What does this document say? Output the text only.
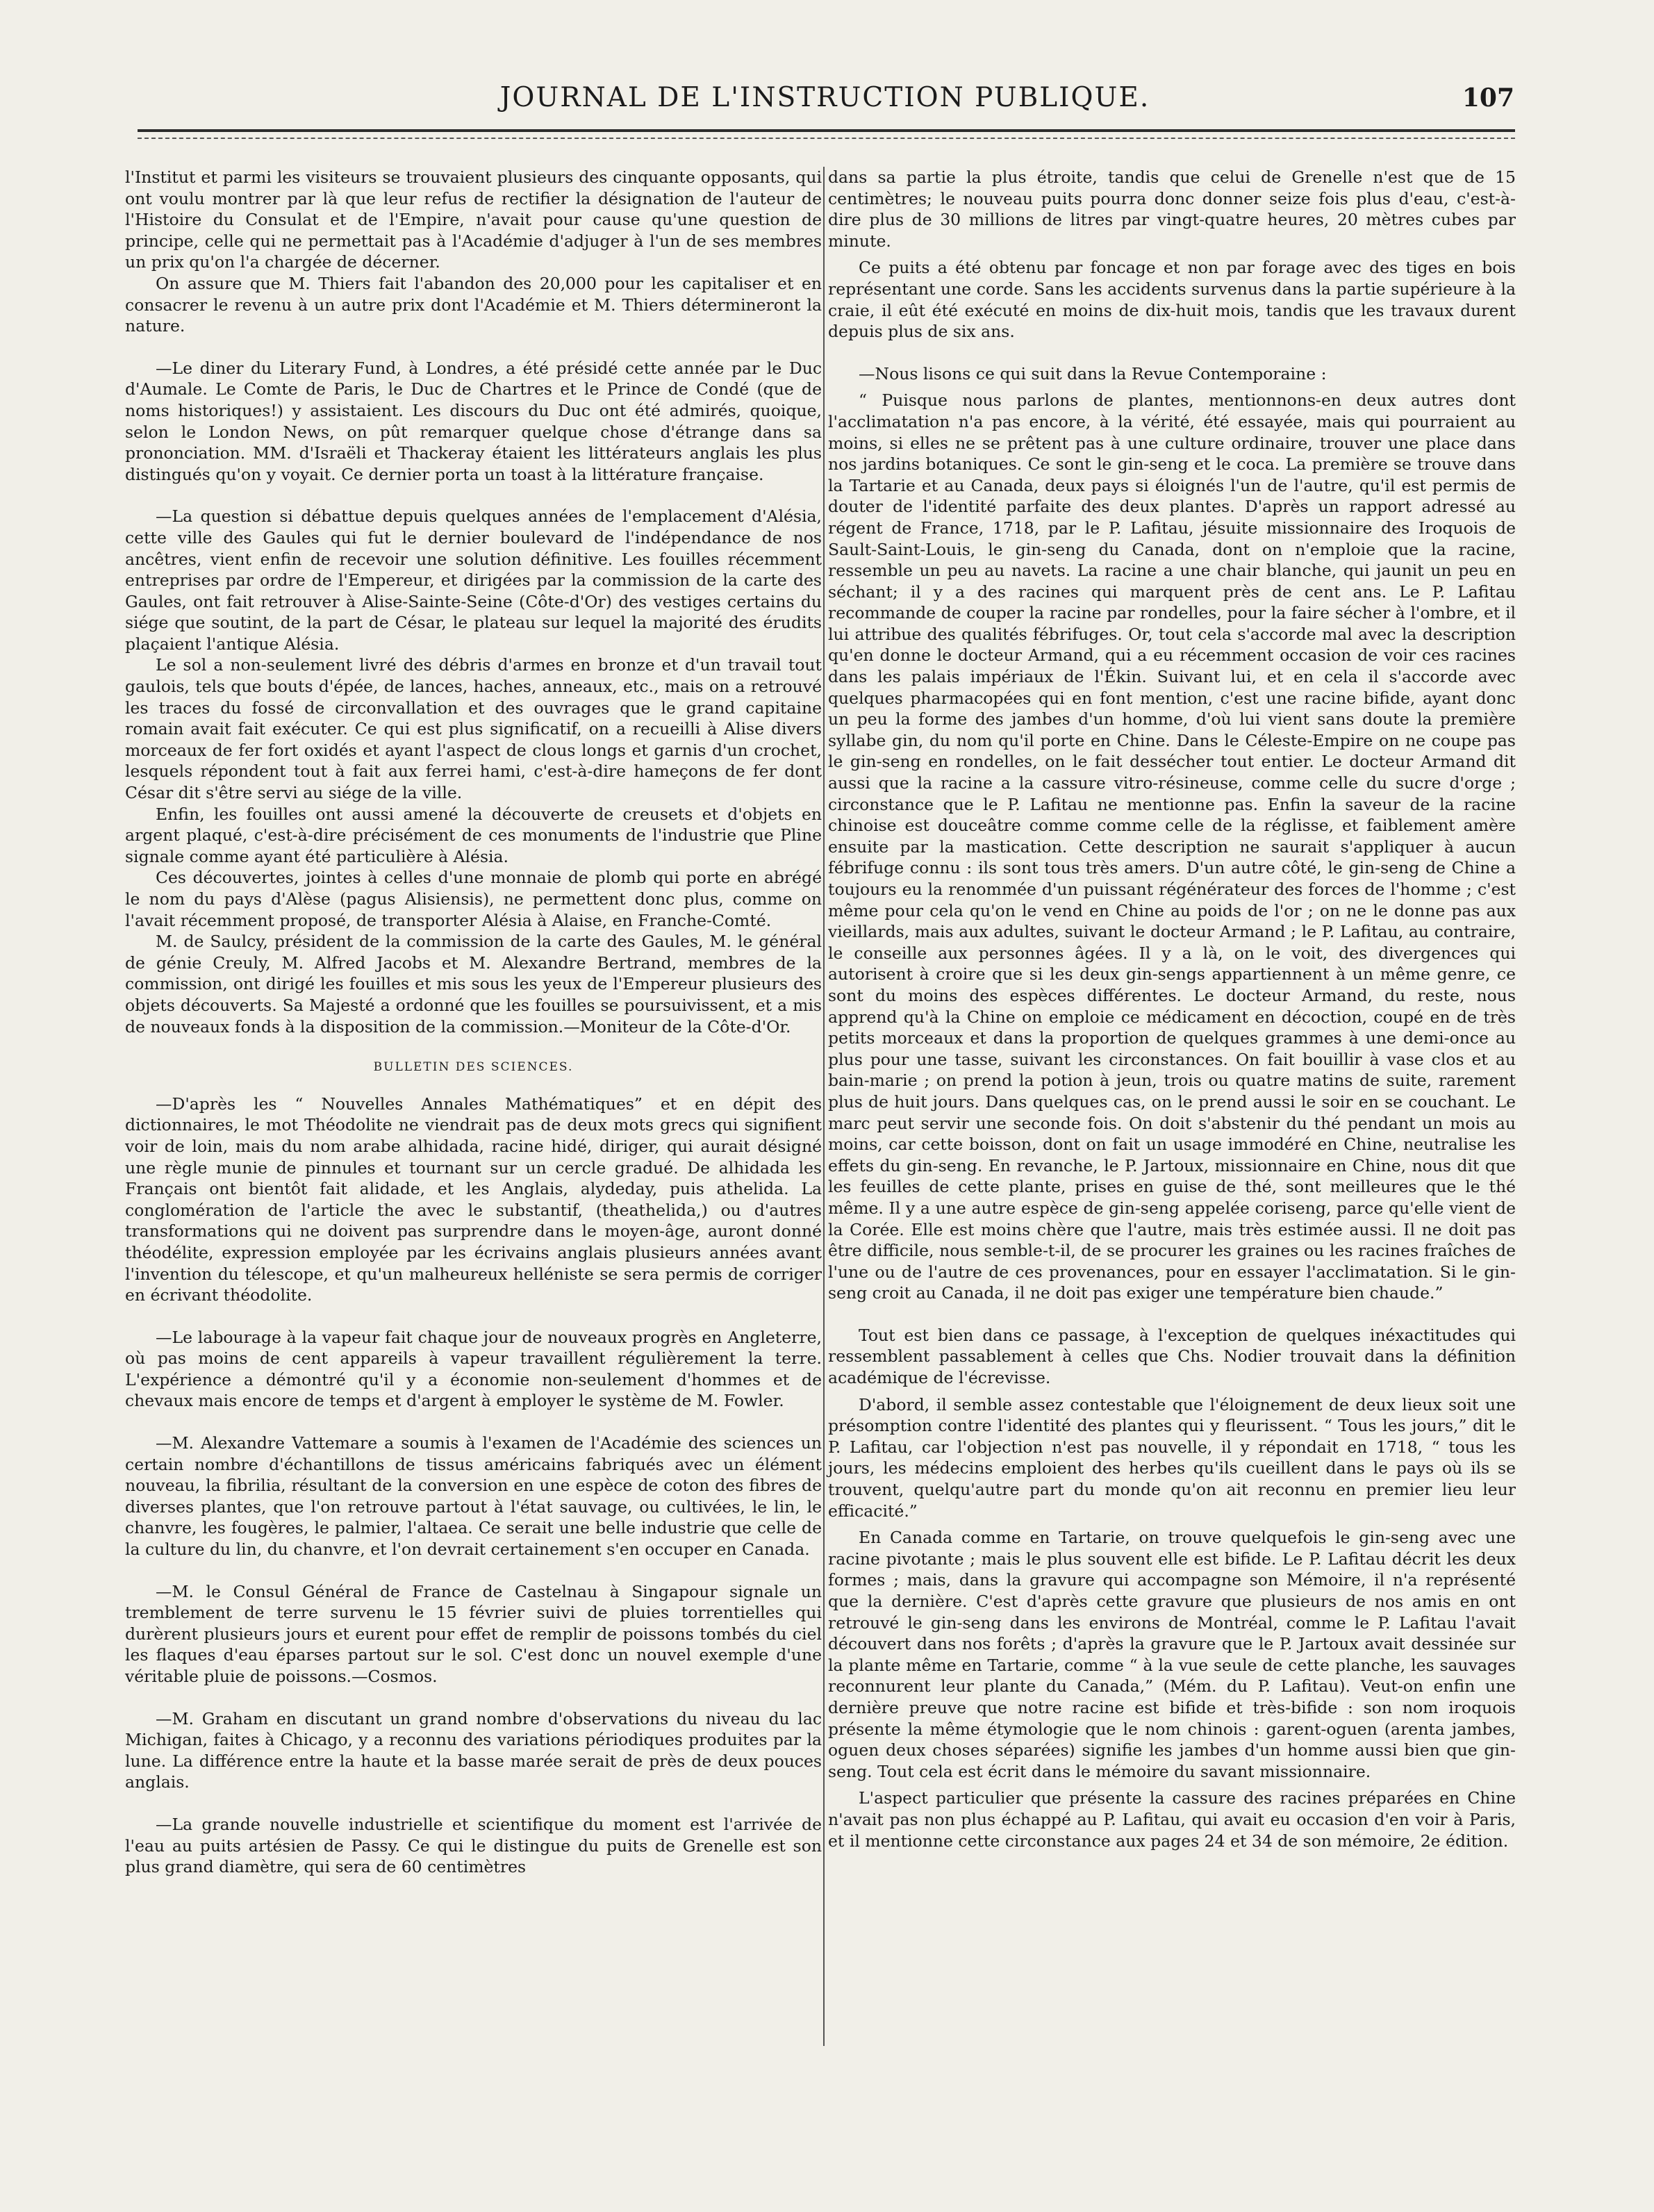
JOURNAL DE L'INSTRUCTION PUBLIQUE.	107

l'Institut et parmi les visiteurs se trouvaient plusieurs des cinquante opposants, qui ont voulu montrer par là que leur refus de rectifier la désignation de l'auteur de l'Histoire du Consulat et de l'Empire, n'avait pour cause qu'une question de principe, celle qui ne permettait pas à l'Académie d'adjuger à l'un de ses membres un prix qu'on l'a chargée de décerner.

On assure que M. Thiers fait l'abandon des 20,000 pour les capitaliser et en consacrer le revenu à un autre prix dont l'Académie et M. Thiers détermineront la nature.

—Le diner du Literary Fund, à Londres, a été présidé cette année par le Duc d'Aumale. Le Comte de Paris, le Duc de Chartres et le Prince de Condé (que de noms historiques!) y assistaient. Les discours du Duc ont été admirés, quoique, selon le London News, on pût remarquer quelque chose d'étrange dans sa prononciation. MM. d'Israëli et Thackeray étaient les littérateurs anglais les plus distingués qu'on y voyait. Ce dernier porta un toast à la littérature française.

—La question si débattue depuis quelques années de l'emplacement d'Alésia, cette ville des Gaules qui fut le dernier boulevard de l'indépendance de nos ancêtres, vient enfin de recevoir une solution définitive. Les fouilles récemment entreprises par ordre de l'Empereur, et dirigées par la commission de la carte des Gaules, ont fait retrouver à Alise-Sainte-Seine (Côte-d'Or) des vestiges certains du siége que soutint, de la part de César, le plateau sur lequel la majorité des érudits plaçaient l'antique Alésia.

Le sol a non-seulement livré des débris d'armes en bronze et d'un travail tout gaulois, tels que bouts d'épée, de lances, haches, anneaux, etc., mais on a retrouvé les traces du fossé de circonvallation et des ouvrages que le grand capitaine romain avait fait exécuter. Ce qui est plus significatif, on a recueilli à Alise divers morceaux de fer fort oxidés et ayant l'aspect de clous longs et garnis d'un crochet, lesquels répondent tout à fait aux ferrei hami, c'est-à-dire hameçons de fer dont César dit s'être servi au siége de la ville.

Enfin, les fouilles ont aussi amené la découverte de creusets et d'objets en argent plaqué, c'est-à-dire précisément de ces monuments de l'industrie que Pline signale comme ayant été particulière à Alésia.

Ces découvertes, jointes à celles d'une monnaie de plomb qui porte en abrégé le nom du pays d'Alèse (pagus Alisiensis), ne permettent donc plus, comme on l'avait récemment proposé, de transporter Alésia à Alaise, en Franche-Comté.

M. de Saulcy, président de la commission de la carte des Gaules, M. le général de génie Creuly, M. Alfred Jacobs et M. Alexandre Bertrand, membres de la commission, ont dirigé les fouilles et mis sous les yeux de l'Empereur plusieurs des objets découverts. Sa Majesté a ordonné que les fouilles se poursuivissent, et a mis de nouveaux fonds à la disposition de la commission.—Moniteur de la Côte-d'Or.

BULLETIN DES SCIENCES.

—D'après les “ Nouvelles Annales Mathématiques” et en dépit des dictionnaires, le mot Théodolite ne viendrait pas de deux mots grecs qui signifient voir de loin, mais du nom arabe alhidada, racine hidé, diriger, qui aurait désigné une règle munie de pinnules et tournant sur un cercle gradué. De alhidada les Français ont bientôt fait alidade, et les Anglais, alydeday, puis athelida. La conglomération de l'article the avec le substantif, (theathelida,) ou d'autres transformations qui ne doivent pas surprendre dans le moyen-âge, auront donné théodélite, expression employée par les écrivains anglais plusieurs années avant l'invention du télescope, et qu'un malheureux helléniste se sera permis de corriger en écrivant théodolite.

—Le labourage à la vapeur fait chaque jour de nouveaux progrès en Angleterre, où pas moins de cent appareils à vapeur travaillent régulièrement la terre. L'expérience a démontré qu'il y a économie non-seulement d'hommes et de chevaux mais encore de temps et d'argent à employer le système de M. Fowler.

—M. Alexandre Vattemare a soumis à l'examen de l'Académie des sciences un certain nombre d'échantillons de tissus américains fabriqués avec un élément nouveau, la fibrilia, résultant de la conversion en une espèce de coton des fibres de diverses plantes, que l'on retrouve partout à l'état sauvage, ou cultivées, le lin, le chanvre, les fougères, le palmier, l'altaea. Ce serait une belle industrie que celle de la culture du lin, du chanvre, et l'on devrait certainement s'en occuper en Canada.

—M. le Consul Général de France de Castelnau à Singapour signale un tremblement de terre survenu le 15 février suivi de pluies torrentielles qui durèrent plusieurs jours et eurent pour effet de remplir de poissons tombés du ciel les flaques d'eau éparses partout sur le sol. C'est donc un nouvel exemple d'une véritable pluie de poissons.—Cosmos.

—M. Graham en discutant un grand nombre d'observations du niveau du lac Michigan, faites à Chicago, y a reconnu des variations périodiques produites par la lune. La différence entre la haute et la basse marée serait de près de deux pouces anglais.

—La grande nouvelle industrielle et scientifique du moment est l'arrivée de l'eau au puits artésien de Passy. Ce qui le distingue du puits de Grenelle est son plus grand diamètre, qui sera de 60 centimètres

dans sa partie la plus étroite, tandis que celui de Grenelle n'est que de 15 centimètres; le nouveau puits pourra donc donner seize fois plus d'eau, c'est-à-dire plus de 30 millions de litres par vingt-quatre heures, 20 mètres cubes par minute.

Ce puits a été obtenu par foncage et non par forage avec des tiges en bois représentant une corde. Sans les accidents survenus dans la partie supérieure à la craie, il eût été exécuté en moins de dix-huit mois, tandis que les travaux durent depuis plus de six ans.

—Nous lisons ce qui suit dans la Revue Contemporaine :

“ Puisque nous parlons de plantes, mentionnons-en deux autres dont l'acclimatation n'a pas encore, à la vérité, été essayée, mais qui pourraient au moins, si elles ne se prêtent pas à une culture ordinaire, trouver une place dans nos jardins botaniques. Ce sont le gin-seng et le coca. La première se trouve dans la Tartarie et au Canada, deux pays si éloignés l'un de l'autre, qu'il est permis de douter de l'identité parfaite des deux plantes. D'après un rapport adressé au régent de France, 1718, par le P. Lafitau, jésuite missionnaire des Iroquois de Sault-Saint-Louis, le gin-seng du Canada, dont on n'emploie que la racine, ressemble un peu au navets. La racine a une chair blanche, qui jaunit un peu en séchant; il y a des racines qui marquent près de cent ans. Le P. Lafitau recommande de couper la racine par rondelles, pour la faire sécher à l'ombre, et il lui attribue des qualités fébrifuges. Or, tout cela s'accorde mal avec la description qu'en donne le docteur Armand, qui a eu récemment occasion de voir ces racines dans les palais impériaux de l'Ékin. Suivant lui, et en cela il s'accorde avec quelques pharmacopées qui en font mention, c'est une racine bifide, ayant donc un peu la forme des jambes d'un homme, d'où lui vient sans doute la première syllabe gin, du nom qu'il porte en Chine. Dans le Céleste-Empire on ne coupe pas le gin-seng en rondelles, on le fait dessécher tout entier. Le docteur Armand dit aussi que la racine a la cassure vitro-résineuse, comme celle du sucre d'orge ; circonstance que le P. Lafitau ne mentionne pas. Enfin la saveur de la racine chinoise est douceâtre comme comme celle de la réglisse, et faiblement amère ensuite par la mastication. Cette description ne saurait s'appliquer à aucun fébrifuge connu : ils sont tous très amers. D'un autre côté, le gin-seng de Chine a toujours eu la renommée d'un puissant régénérateur des forces de l'homme ; c'est même pour cela qu'on le vend en Chine au poids de l'or ; on ne le donne pas aux vieillards, mais aux adultes, suivant le docteur Armand ; le P. Lafitau, au contraire, le conseille aux personnes âgées. Il y a là, on le voit, des divergences qui autorisent à croire que si les deux gin-sengs appartiennent à un même genre, ce sont du moins des espèces différentes. Le docteur Armand, du reste, nous apprend qu'à la Chine on emploie ce médicament en décoction, coupé en de très petits morceaux et dans la proportion de quelques grammes à une demi-once au plus pour une tasse, suivant les circonstances. On fait bouillir à vase clos et au bain-marie ; on prend la potion à jeun, trois ou quatre matins de suite, rarement plus de huit jours. Dans quelques cas, on le prend aussi le soir en se couchant. Le marc peut servir une seconde fois. On doit s'abstenir du thé pendant un mois au moins, car cette boisson, dont on fait un usage immodéré en Chine, neutralise les effets du gin-seng. En revanche, le P. Jartoux, missionnaire en Chine, nous dit que les feuilles de cette plante, prises en guise de thé, sont meilleures que le thé même. Il y a une autre espèce de gin-seng appelée coriseng, parce qu'elle vient de la Corée. Elle est moins chère que l'autre, mais très estimée aussi. Il ne doit pas être difficile, nous semble-t-il, de se procurer les graines ou les racines fraîches de l'une ou de l'autre de ces provenances, pour en essayer l'acclimatation. Si le gin-seng croit au Canada, il ne doit pas exiger une température bien chaude.”

Tout est bien dans ce passage, à l'exception de quelques inéxactitudes qui ressemblent passablement à celles que Chs. Nodier trouvait dans la définition académique de l'écrevisse.

D'abord, il semble assez contestable que l'éloignement de deux lieux soit une présomption contre l'identité des plantes qui y fleurissent. “ Tous les jours,” dit le P. Lafitau, car l'objection n'est pas nouvelle, il y répondait en 1718, “ tous les jours, les médecins emploient des herbes qu'ils cueillent dans le pays où ils se trouvent, quelqu'autre part du monde qu'on ait reconnu en premier lieu leur efficacité.”

En Canada comme en Tartarie, on trouve quelquefois le gin-seng avec une racine pivotante ; mais le plus souvent elle est bifide. Le P. Lafitau décrit les deux formes ; mais, dans la gravure qui accompagne son Mémoire, il n'a représenté que la dernière. C'est d'après cette gravure que plusieurs de nos amis en ont retrouvé le gin-seng dans les environs de Montréal, comme le P. Lafitau l'avait découvert dans nos forêts ; d'après la gravure que le P. Jartoux avait dessinée sur la plante même en Tartarie, comme “ à la vue seule de cette planche, les sauvages reconnurent leur plante du Canada,” (Mém. du P. Lafitau). Veut-on enfin une dernière preuve que notre racine est bifide et très-bifide : son nom iroquois présente la même étymologie que le nom chinois : garent-oguen (arenta jambes, oguen deux choses séparées) signifie les jambes d'un homme aussi bien que gin-seng. Tout cela est écrit dans le mémoire du savant missionnaire.

L'aspect particulier que présente la cassure des racines préparées en Chine n'avait pas non plus échappé au P. Lafitau, qui avait eu occasion d'en voir à Paris, et il mentionne cette circonstance aux pages 24 et 34 de son mémoire, 2e édition.
